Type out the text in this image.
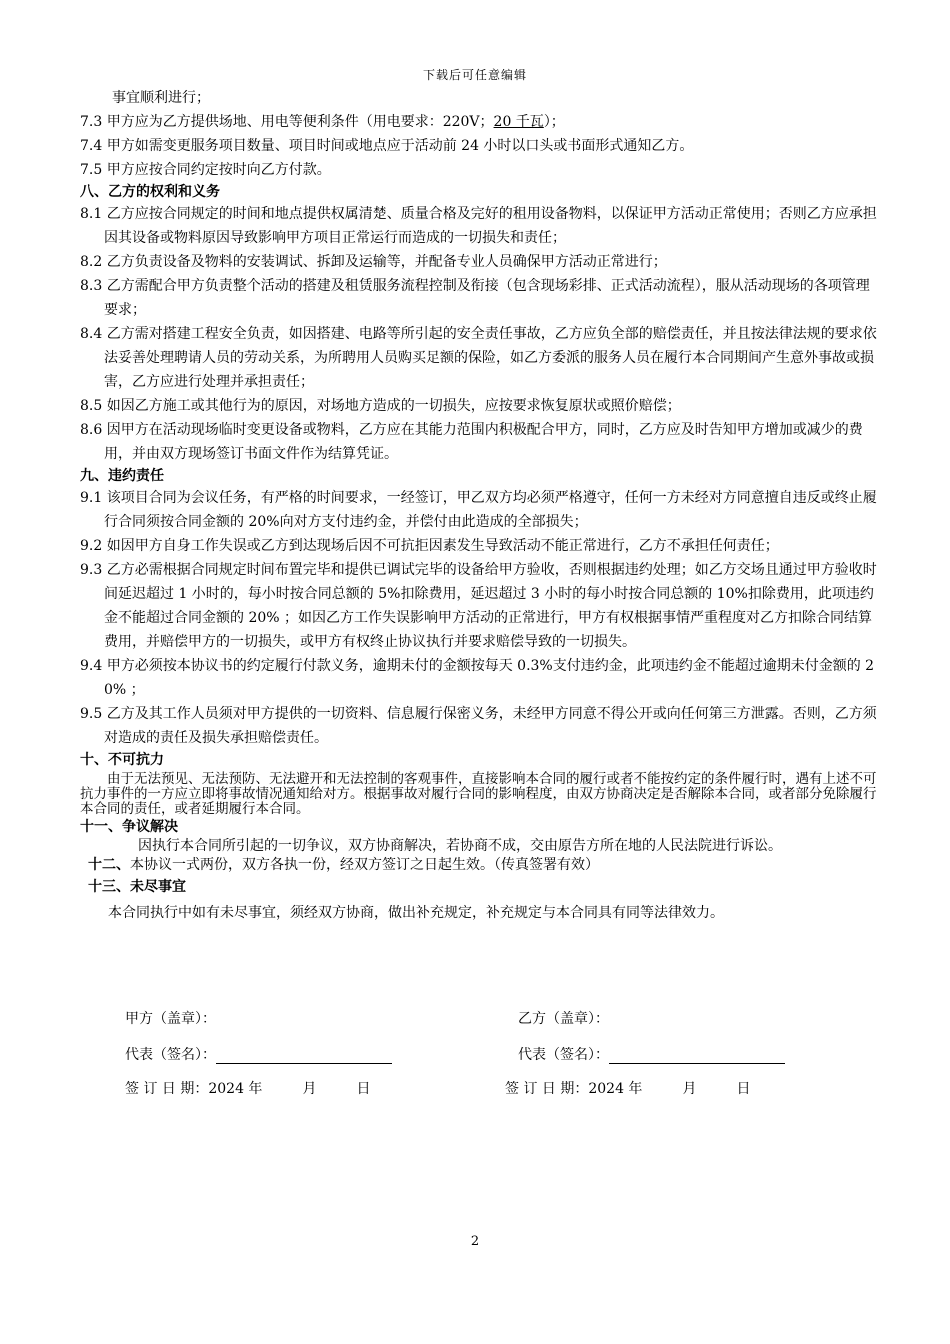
下载后可任意编辑

事宜顺利进行；

7.3 甲方应为乙方提供场地、用电等便利条件（用电要求：220V；20 千瓦）；

7.4 甲方如需变更服务项目数量、项目时间或地点应于活动前 24 小时以口头或书面形式通知乙方。

7.5 甲方应按合同约定按时向乙方付款。

八、乙方的权利和义务

8.1 乙方应按合同规定的时间和地点提供权属清楚、质量合格及完好的租用设备物料，以保证甲方活动正常使用；否则乙方应承担因其设备或物料原因导致影响甲方项目正常运行而造成的一切损失和责任；

8.2 乙方负责设备及物料的安装调试、拆卸及运输等，并配备专业人员确保甲方活动正常进行；

8.3 乙方需配合甲方负责整个活动的搭建及租赁服务流程控制及衔接（包含现场彩排、正式活动流程），服从活动现场的各项管理要求；

8.4 乙方需对搭建工程安全负责，如因搭建、电路等所引起的安全责任事故，乙方应负全部的赔偿责任，并且按法律法规的要求依法妥善处理聘请人员的劳动关系，为所聘用人员购买足额的保险，如乙方委派的服务人员在履行本合同期间产生意外事故或损害，乙方应进行处理并承担责任；

8.5 如因乙方施工或其他行为的原因，对场地方造成的一切损失，应按要求恢复原状或照价赔偿；

8.6 因甲方在活动现场临时变更设备或物料，乙方应在其能力范围内积极配合甲方，同时，乙方应及时告知甲方增加或减少的费用，并由双方现场签订书面文件作为结算凭证。

九、违约责任

9.1 该项目合同为会议任务，有严格的时间要求，一经签订，甲乙双方均必须严格遵守，任何一方未经对方同意擅自违反或终止履行合同须按合同金额的 20%向对方支付违约金，并偿付由此造成的全部损失；

9.2 如因甲方自身工作失误或乙方到达现场后因不可抗拒因素发生导致活动不能正常进行，乙方不承担任何责任；

9.3 乙方必需根据合同规定时间布置完毕和提供已调试完毕的设备给甲方验收，否则根据违约处理；如乙方交场且通过甲方验收时间延迟超过 1 小时的，每小时按合同总额的 5%扣除费用，延迟超过 3 小时的每小时按合同总额的 10%扣除费用，此项违约金不能超过合同金额的 20% ；如因乙方工作失误影响甲方活动的正常进行，甲方有权根据事情严重程度对乙方扣除合同结算费用，并赔偿甲方的一切损失，或甲方有权终止协议执行并要求赔偿导致的一切损失。

9.4 甲方必须按本协议书的约定履行付款义务，逾期未付的金额按每天 0.3%支付违约金，此项违约金不能超过逾期未付金额的 20% ；

9.5 乙方及其工作人员须对甲方提供的一切资料、信息履行保密义务，未经甲方同意不得公开或向任何第三方泄露。否则，乙方须对造成的责任及损失承担赔偿责任。

十、不可抗力

由于无法预见、无法预防、无法避开和无法控制的客观事件，直接影响本合同的履行或者不能按约定的条件履行时，遇有上述不可抗力事件的一方应立即将事故情况通知给对方。根据事故对履行合同的影响程度，由双方协商决定是否解除本合同，或者部分免除履行本合同的责任，或者延期履行本合同。

十一、争议解决

因执行本合同所引起的一切争议，双方协商解决，若协商不成，交由原告方所在地的人民法院进行诉讼。

十二、本协议一式两份，双方各执一份，经双方签订之日起生效。（传真签署有效）

十三、未尽事宜

本合同执行中如有未尽事宜，须经双方协商，做出补充规定，补充规定与本合同具有同等法律效力。

甲方（盖章）：	乙方（盖章）：
代表（签名）：	代表（签名）：
签 订 日 期：2024 年	月	日	签 订 日 期：2024 年	月	日
2
